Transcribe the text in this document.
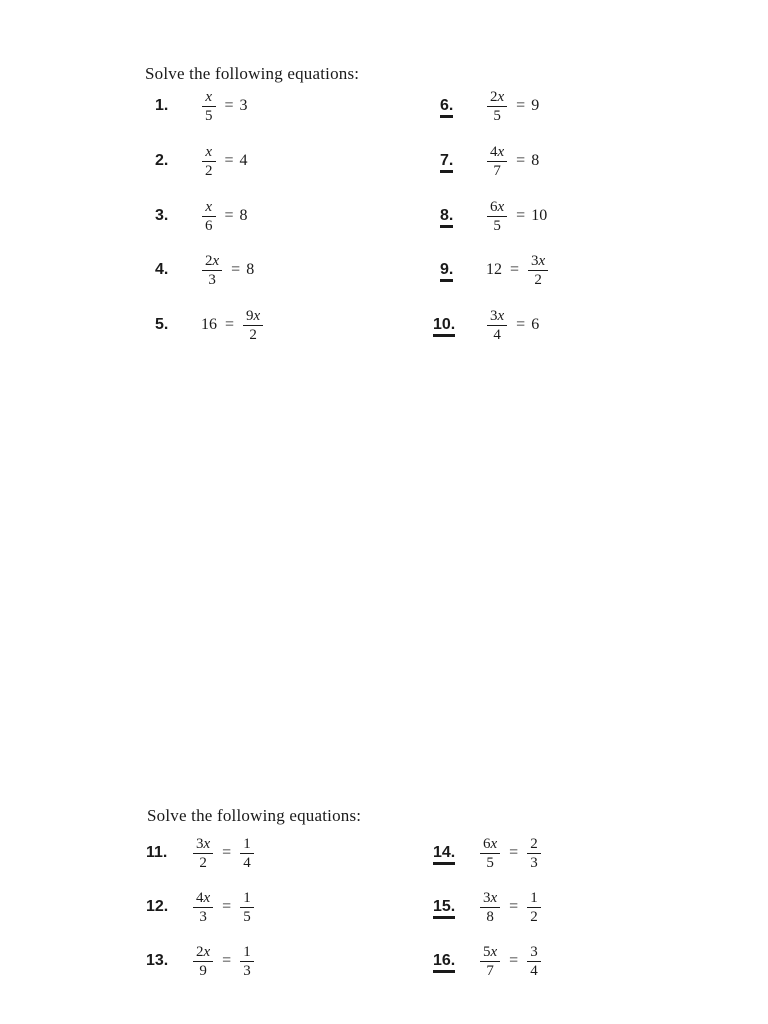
Solve the following equations:
1.	$\frac{x}{5} = 3$
2.	$\frac{x}{2} = 4$
3.	$\frac{x}{6} = 8$
4.	$\frac{2x}{3} = 8$
5.	$16 = \frac{9x}{2}$
6.	$\frac{2x}{5} = 9$
7.	$\frac{4x}{7} = 8$
8.	$\frac{6x}{5} = 10$
9.	$12 = \frac{3x}{2}$
10.	$\frac{3x}{4} = 6$
Solve the following equations:
11.	$\frac{3x}{2} = \frac{1}{4}$
12.	$\frac{4x}{3} = \frac{1}{5}$
13.	$\frac{2x}{9} = \frac{1}{3}$
14.	$\frac{6x}{5} = \frac{2}{3}$
15.	$\frac{3x}{8} = \frac{1}{2}$
16.	$\frac{5x}{7} = \frac{3}{4}$
